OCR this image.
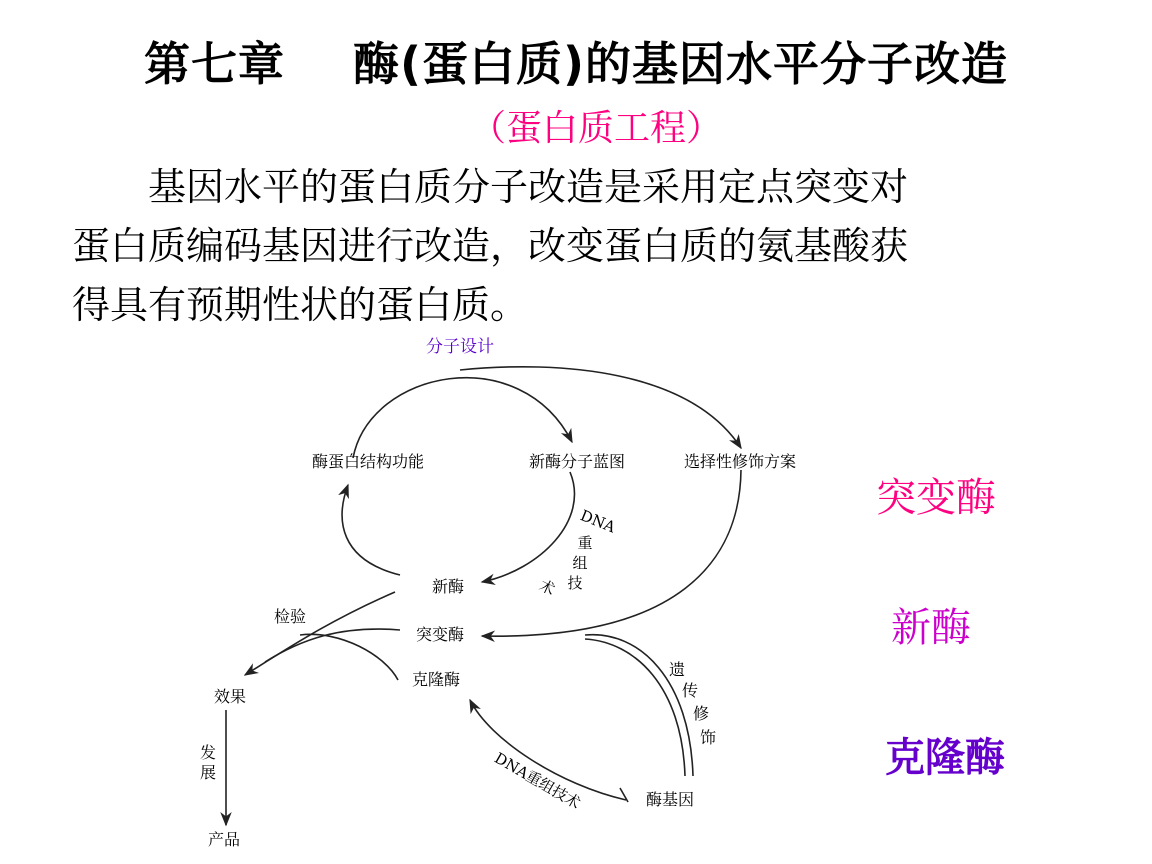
第七章    酶(蛋白质)的基因水平分子改造
（蛋白质工程）
基因水平的蛋白质分子改造是采用定点突变对
蛋白质编码基因进行改造，改变蛋白质的氨基酸获
得具有预期性状的蛋白质。
分子设计
酶蛋白结构功能	新酶分子蓝图	选择性修饰方案
新酶
突变酶
克隆酶
酶基因
效果
产品
检验
DNA
重
组
技
术
遗
传
修
饰
发
展	DNA重组技术
突变酶
新酶
克隆酶
